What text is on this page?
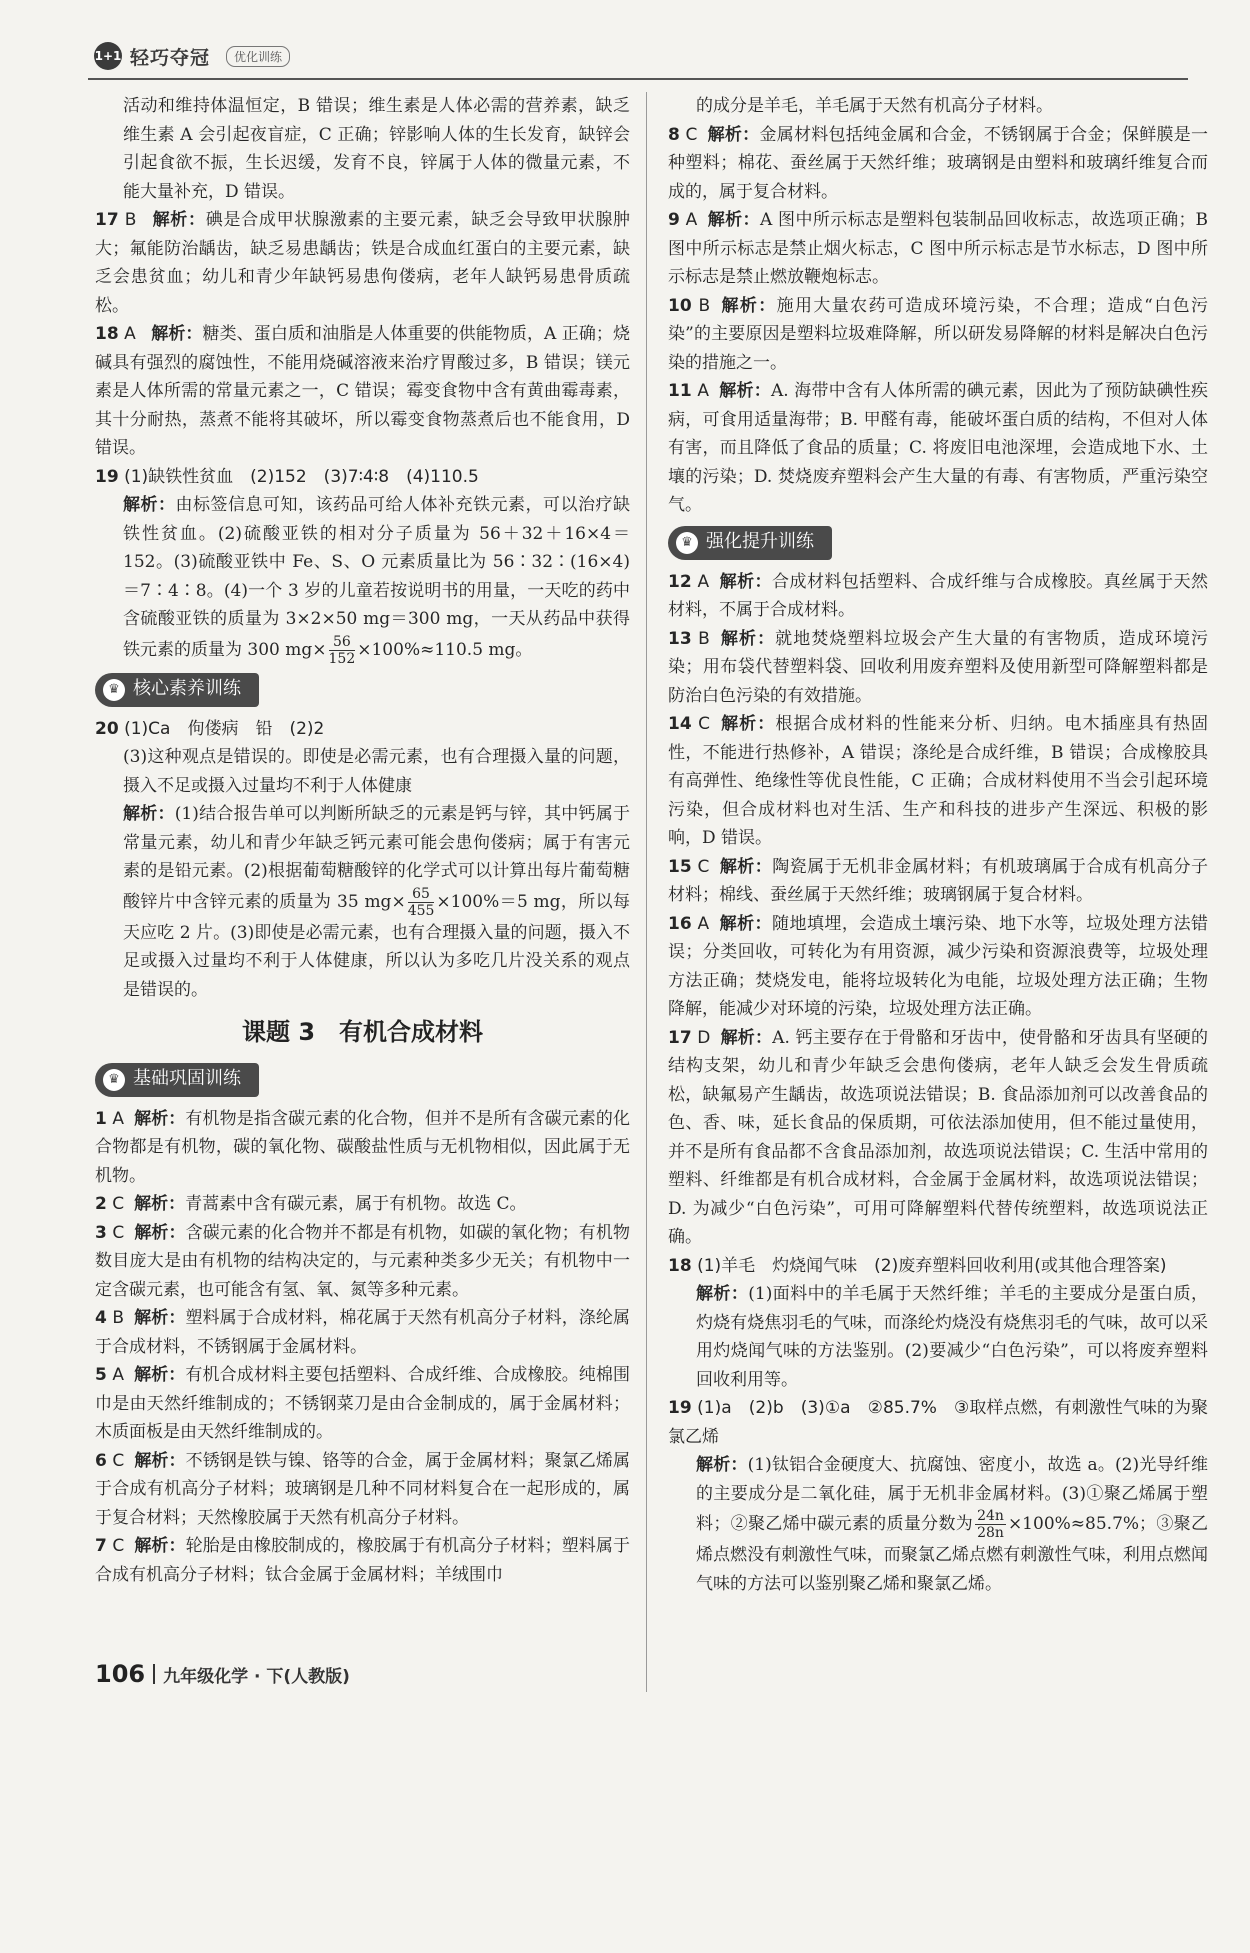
1+1 轻巧夺冠	优化训练

活动和维持体温恒定，B 错误；维生素是人体必需的营养素，缺乏维生素 A 会引起夜盲症，C 正确；锌影响人体的生长发育，缺锌会引起食欲不振，生长迟缓，发育不良，锌属于人体的微量元素，不能大量补充，D 错误。

17 B 解析：碘是合成甲状腺激素的主要元素，缺乏会导致甲状腺肿大；氟能防治龋齿，缺乏易患龋齿；铁是合成血红蛋白的主要元素，缺乏会患贫血；幼儿和青少年缺钙易患佝偻病，老年人缺钙易患骨质疏松。

18 A 解析：糖类、蛋白质和油脂是人体重要的供能物质，A 正确；烧碱具有强烈的腐蚀性，不能用烧碱溶液来治疗胃酸过多，B 错误；镁元素是人体所需的常量元素之一，C 错误；霉变食物中含有黄曲霉毒素，其十分耐热，蒸煮不能将其破坏，所以霉变食物蒸煮后也不能食用，D 错误。

19 (1)缺铁性贫血　(2)152　(3)7∶4∶8　(4)110.5

解析：由标签信息可知，该药品可给人体补充铁元素，可以治疗缺铁性贫血。(2)硫酸亚铁的相对分子质量为 56＋32＋16×4＝152。(3)硫酸亚铁中 Fe、S、O 元素质量比为 56∶32∶(16×4)＝7∶4∶8。(4)一个 3 岁的儿童若按说明书的用量，一天吃的药中含硫酸亚铁的质量为 3×2×50 mg＝300 mg，一天从药品中获得铁元素的质量为 300 $mg\times \frac{56}{152} \times 100\%\approx 110.5$ mg。

♛ 核心素养训练

20 (1)Ca　佝偻病　铅　(2)2

(3)这种观点是错误的。即使是必需元素，也有合理摄入量的问题，摄入不足或摄入过量均不利于人体健康

解析：(1)结合报告单可以判断所缺乏的元素是钙与锌，其中钙属于常量元素，幼儿和青少年缺乏钙元素可能会患佝偻病；属于有害元素的是铅元素。(2)根据葡萄糖酸锌的化学式可以计算出每片葡萄糖酸锌片中含锌元素的质量为 35 $mg\times \frac{65}{455} \times 100\%=5$ mg，所以每天应吃 2 片。(3)即使是必需元素，也有合理摄入量的问题，摄入不足或摄入过量均不利于人体健康，所以认为多吃几片没关系的观点是错误的。

课题 3　有机合成材料
♛ 基础巩固训练

1 A 解析：有机物是指含碳元素的化合物，但并不是所有含碳元素的化合物都是有机物，碳的氧化物、碳酸盐性质与无机物相似，因此属于无机物。

2 C 解析：青蒿素中含有碳元素，属于有机物。故选 C。

3 C 解析：含碳元素的化合物并不都是有机物，如碳的氧化物；有机物数目庞大是由有机物的结构决定的，与元素种类多少无关；有机物中一定含碳元素，也可能含有氢、氧、氮等多种元素。

4 B 解析：塑料属于合成材料，棉花属于天然有机高分子材料，涤纶属于合成材料，不锈钢属于金属材料。

5 A 解析：有机合成材料主要包括塑料、合成纤维、合成橡胶。纯棉围巾是由天然纤维制成的；不锈钢菜刀是由合金制成的，属于金属材料；木质面板是由天然纤维制成的。

6 C 解析：不锈钢是铁与镍、铬等的合金，属于金属材料；聚氯乙烯属于合成有机高分子材料；玻璃钢是几种不同材料复合在一起形成的，属于复合材料；天然橡胶属于天然有机高分子材料。

7 C 解析：轮胎是由橡胶制成的，橡胶属于有机高分子材料；塑料属于合成有机高分子材料；钛合金属于金属材料；羊绒围巾

的成分是羊毛，羊毛属于天然有机高分子材料。

8 C 解析：金属材料包括纯金属和合金，不锈钢属于合金；保鲜膜是一种塑料；棉花、蚕丝属于天然纤维；玻璃钢是由塑料和玻璃纤维复合而成的，属于复合材料。

9 A 解析：A 图中所示标志是塑料包装制品回收标志，故选项正确；B 图中所示标志是禁止烟火标志，C 图中所示标志是节水标志，D 图中所示标志是禁止燃放鞭炮标志。

10 B 解析：施用大量农药可造成环境污染，不合理；造成“白色污染”的主要原因是塑料垃圾难降解，所以研发易降解的材料是解决白色污染的措施之一。

11 A 解析：A. 海带中含有人体所需的碘元素，因此为了预防缺碘性疾病，可食用适量海带；B. 甲醛有毒，能破坏蛋白质的结构，不但对人体有害，而且降低了食品的质量；C. 将废旧电池深埋，会造成地下水、土壤的污染；D. 焚烧废弃塑料会产生大量的有毒、有害物质，严重污染空气。

♛ 强化提升训练

12 A 解析：合成材料包括塑料、合成纤维与合成橡胶。真丝属于天然材料，不属于合成材料。

13 B 解析：就地焚烧塑料垃圾会产生大量的有害物质，造成环境污染；用布袋代替塑料袋、回收利用废弃塑料及使用新型可降解塑料都是防治白色污染的有效措施。

14 C 解析：根据合成材料的性能来分析、归纳。电木插座具有热固性，不能进行热修补，A 错误；涤纶是合成纤维，B 错误；合成橡胶具有高弹性、绝缘性等优良性能，C 正确；合成材料使用不当会引起环境污染，但合成材料也对生活、生产和科技的进步产生深远、积极的影响，D 错误。

15 C 解析：陶瓷属于无机非金属材料；有机玻璃属于合成有机高分子材料；棉线、蚕丝属于天然纤维；玻璃钢属于复合材料。

16 A 解析：随地填埋，会造成土壤污染、地下水等，垃圾处理方法错误；分类回收，可转化为有用资源，减少污染和资源浪费等，垃圾处理方法正确；焚烧发电，能将垃圾转化为电能，垃圾处理方法正确；生物降解，能减少对环境的污染，垃圾处理方法正确。

17 D 解析：A. 钙主要存在于骨骼和牙齿中，使骨骼和牙齿具有坚硬的结构支架，幼儿和青少年缺乏会患佝偻病，老年人缺乏会发生骨质疏松，缺氟易产生龋齿，故选项说法错误；B. 食品添加剂可以改善食品的色、香、味，延长食品的保质期，可依法添加使用，但不能过量使用，并不是所有食品都不含食品添加剂，故选项说法错误；C. 生活中常用的塑料、纤维都是有机合成材料，合金属于金属材料，故选项说法错误；D. 为减少“白色污染”，可用可降解塑料代替传统塑料，故选项说法正确。

18 (1)羊毛　灼烧闻气味　(2)废弃塑料回收利用(或其他合理答案)

解析：(1)面料中的羊毛属于天然纤维；羊毛的主要成分是蛋白质，灼烧有烧焦羽毛的气味，而涤纶灼烧没有烧焦羽毛的气味，故可以采用灼烧闻气味的方法鉴别。(2)要减少“白色污染”，可以将废弃塑料回收利用等。

19 (1)a　(2)b　(3)①a　②85.7%　③取样点燃，有刺激性气味的为聚氯乙烯

解析：(1)钛铝合金硬度大、抗腐蚀、密度小，故选 a。(2)光导纤维的主要成分是二氧化硅，属于无机非金属材料。(3)①聚乙烯属于塑料；②聚乙烯中碳元素的质量分数为 $\frac{24n}{28n} \times 100\%\approx 85.7\%$；③聚乙烯点燃没有刺激性气味，而聚氯乙烯点燃有刺激性气味，利用点燃闻气味的方法可以鉴别聚乙烯和聚氯乙烯。

106 九年级化学 · 下(人教版)
